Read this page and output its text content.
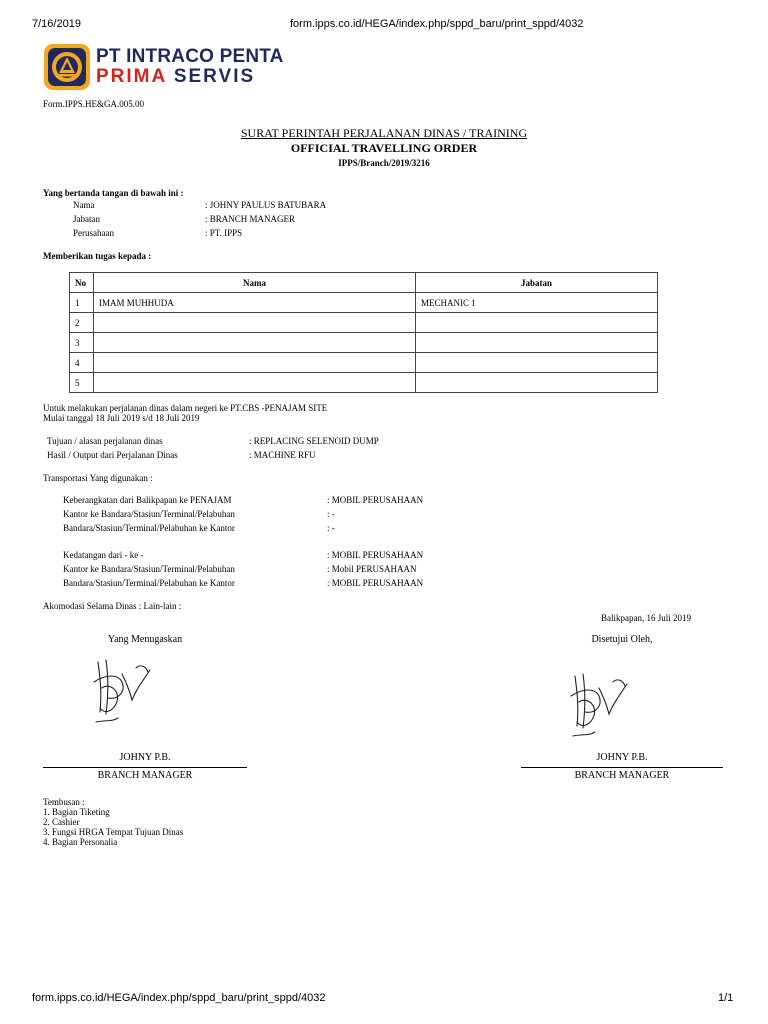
7/16/2019	form.ipps.co.id/HEGA/index.php/sppd_baru/print_sppd/4032
PT INTRACO PENTA
PRIMA SERVIS
Form.IPPS.HE&GA.005.00
SURAT PERINTAH PERJALANAN DINAS / TRAINING
OFFICIAL TRAVELLING ORDER
IPPS/Branch/2019/3216
Yang bertanda tangan di bawah ini :
Nama	: JOHNY PAULUS BATUBARA
Jabatan	: BRANCH MANAGER
Perusahaan	: PT. IPPS
Memberikan tugas kepada :
No	Nama	Jabatan
1	IMAM MUHHUDA	MECHANIC 1
2		
3		
4		
5		
Untuk melakukan perjalanan dinas dalam negeri ke PT.CBS -PENAJAM SITE
Mulai tanggal 18 Juli 2019 s/d 18 Juli 2019
Tujuan / alasan perjalanan dinas	: REPLACING SELENOID DUMP
Hasil / Output dari Perjalanan Dinas	: MACHINE RFU
Transportasi Yang digunakan :
Keberangkatan dari Balikpapan ke PENAJAM	: MOBIL PERUSAHAAN
Kantor ke Bandara/Stasiun/Terminal/Pelabuhan	: -
Bandara/Stasiun/Terminal/Pelabuhan ke Kantor	: -
Kedatangan dari - ke -	: MOBIL PERUSAHAAN
Kantor ke Bandara/Stasiun/Terminal/Pelabuhan	: Mobil PERUSAHAAN
Bandara/Stasiun/Terminal/Pelabuhan ke Kantor	: MOBIL PERUSAHAAN
Akomodasi Selama Dinas : Lain-lain :
Balikpapan, 16 Juli 2019
Yang Menugaskan
JOHNY P.B.
BRANCH MANAGER
Disetujui Oleh,
JOHNY P.B.
BRANCH MANAGER
Tembusan :
1. Bagian Tiketing
2. Cashier
3. Fungsi HRGA Tempat Tujuan Dinas
4. Bagian Personalia
form.ipps.co.id/HEGA/index.php/sppd_baru/print_sppd/4032	1/1
